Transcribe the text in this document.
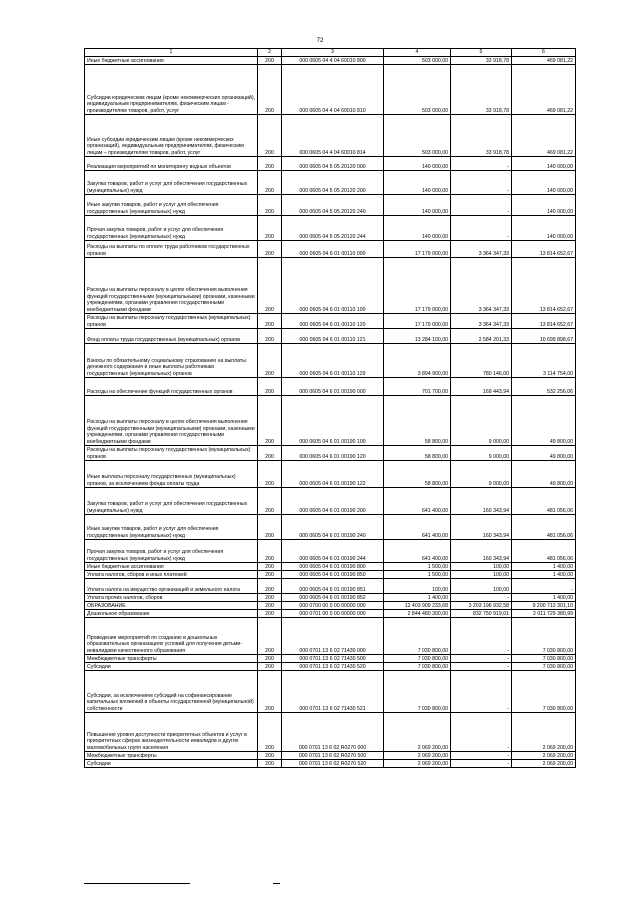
72
1	2	3	4	5	6
Иные бюджетные ассигнования	200	000 0605 04 4 04 60010 800	503 000,00	33 918,78	469 081,22
Субсидии юридическим лицам (кроме некоммерческих организаций), индивидуальным предпринимателям, физическим лицам - производителям товаров, работ, услуг	200	000 0605 04 4 04 60010 810	503 000,00	33 918,78	469 081,22
Иные субсидии юридическим лицам (кроме некоммерческих организаций), индивидуальным предпринимателям, физическим лицам – производителям товаров, работ, услуг	200	000 0605 04 4 04 60010 814	503 000,00	33 918,78	469 081,22
Реализация мероприятий по мониторингу водных объектов	200	000 0605 04 5 05 20120 000	140 000,00	-	140 000,00
Закупка товаров, работ и услуг для обеспечения государственных (муниципальных) нужд	200	000 0605 04 5 05 20120 200	140 000,00	-	140 000,00
Иные закупки товаров, работ и услуг для обеспечения государственных (муниципальных) нужд	200	000 0605 04 5 05 20120 240	140 000,00	-	140 000,00
Прочая закупка товаров, работ и услуг для обеспечения государственных (муниципальных) нужд	200	000 0605 04 5 05 20120 244	140 000,00	-	140 000,00
Расходы на выплаты по оплате труда работников государственных органов	200	000 0605 04 6 01 00110 000	17 179 000,00	3 364 347,33	13 814 652,67
Расходы на выплаты персоналу в целях обеспечения выполнения функций государственными (муниципальными) органами, казенными учреждениями, органами управления государственными внебюджетными фондами	200	000 0605 04 6 01 00110 100	17 179 000,00	3 364 347,33	13 814 652,67
Расходы на выплаты персоналу государственных (муниципальных) органов	200	000 0605 04 6 01 00110 120	17 179 000,00	3 364 347,33	13 814 652,67
Фонд оплаты труда государственных (муниципальных) органов	200	000 0605 04 6 01 00110 121	13 284 100,00	2 584 201,33	10 699 898,67
Взносы по обязательному социальному страхованию на выплаты денежного содержания и иные выплаты работникам государственных (муниципальных) органов	200	000 0605 04 6 01 00110 129	3 894 900,00	780 146,00	3 114 754,00
Расходы на обеспечение функций государственных органов	200	000 0605 04 6 01 00190 000	701 700,00	169 443,94	532 256,06
Расходы на выплаты персоналу в целях обеспечения выполнения функций государственными (муниципальными) органами, казенными учреждениями, органами управления государственными внебюджетными фондами	200	000 0605 04 6 01 00190 100	58 800,00	9 000,00	49 800,00
Расходы на выплаты персоналу государственных (муниципальных) органов	200	000 0605 04 6 01 00190 120	58 800,00	9 000,00	49 800,00
Иные выплаты персоналу государственных (муниципальных) органов, за исключением фонда оплаты труда	200	000 0605 04 6 01 00190 122	58 800,00	9 000,00	49 800,00
Закупка товаров, работ и услуг для обеспечения государственных (муниципальных) нужд	200	000 0605 04 6 01 00190 200	641 400,00	160 343,94	481 056,06
Иные закупки товаров, работ и услуг для обеспечения государственных (муниципальных) нужд	200	000 0605 04 6 01 00190 240	641 400,00	160 343,94	481 056,06
Прочая закупка товаров, работ и услуг для обеспечения государственных (муниципальных) нужд	200	000 0605 04 6 01 00190 244	641 400,00	160 343,94	481 056,06
Иные бюджетные ассигнования	200	000 0605 04 6 01 00190 800	1 500,00	100,00	1 400,00
Уплата налогов, сборов и иных платежей	200	000 0605 04 6 01 00190 850	1 500,00	100,00	1 400,00
Уплата налога на имущество организаций и земельного налога	200	000 0605 04 6 01 00190 851	100,00	100,00	-
Уплата прочих налогов, сборов	200	000 0605 04 6 01 00190 852	1 400,00	-	1 400,00
ОБРАЗОВАНИЕ	200	000 0700 00 0 00 00000 000	12 403 909 233,68	3 203 196 932,58	9 200 712 301,10
Дошкольное образование	200	000 0701 00 0 00 00000 000	2 844 480 300,00	832 750 919,01	2 011 729 380,99
Проведение мероприятий по созданию в дошкольных образовательных организациях условий для получения детьми-инвалидами качественного образования	200	000 0701 13 6 02 71430 000	7 030 800,00	-	7 030 800,00
Межбюджетные трансферты	200	000 0701 13 6 02 71430 500	7 030 800,00	-	7 030 800,00
Субсидии	200	000 0701 13 6 02 71430 520	7 030 800,00	-	7 030 800,00
Субсидии, за исключением субсидий на софинансирование капитальных вложений в объекты государственной (муниципальной) собственности	200	000 0701 13 6 02 71430 521	7 030 800,00	-	7 030 800,00
Повышение уровня доступности приоритетных объектов и услуг в приоритетных сферах жизнедеятельности инвалидов и других маломобильных групп населения	200	000 0701 13 6 02 R0270 000	2 069 200,00	-	2 069 200,00
Межбюджетные трансферты	200	000 0701 13 6 02 R0270 500	2 069 200,00	-	2 069 200,00
Субсидии	200	000 0701 13 6 02 R0270 520	2 069 200,00	-	2 069 200,00
